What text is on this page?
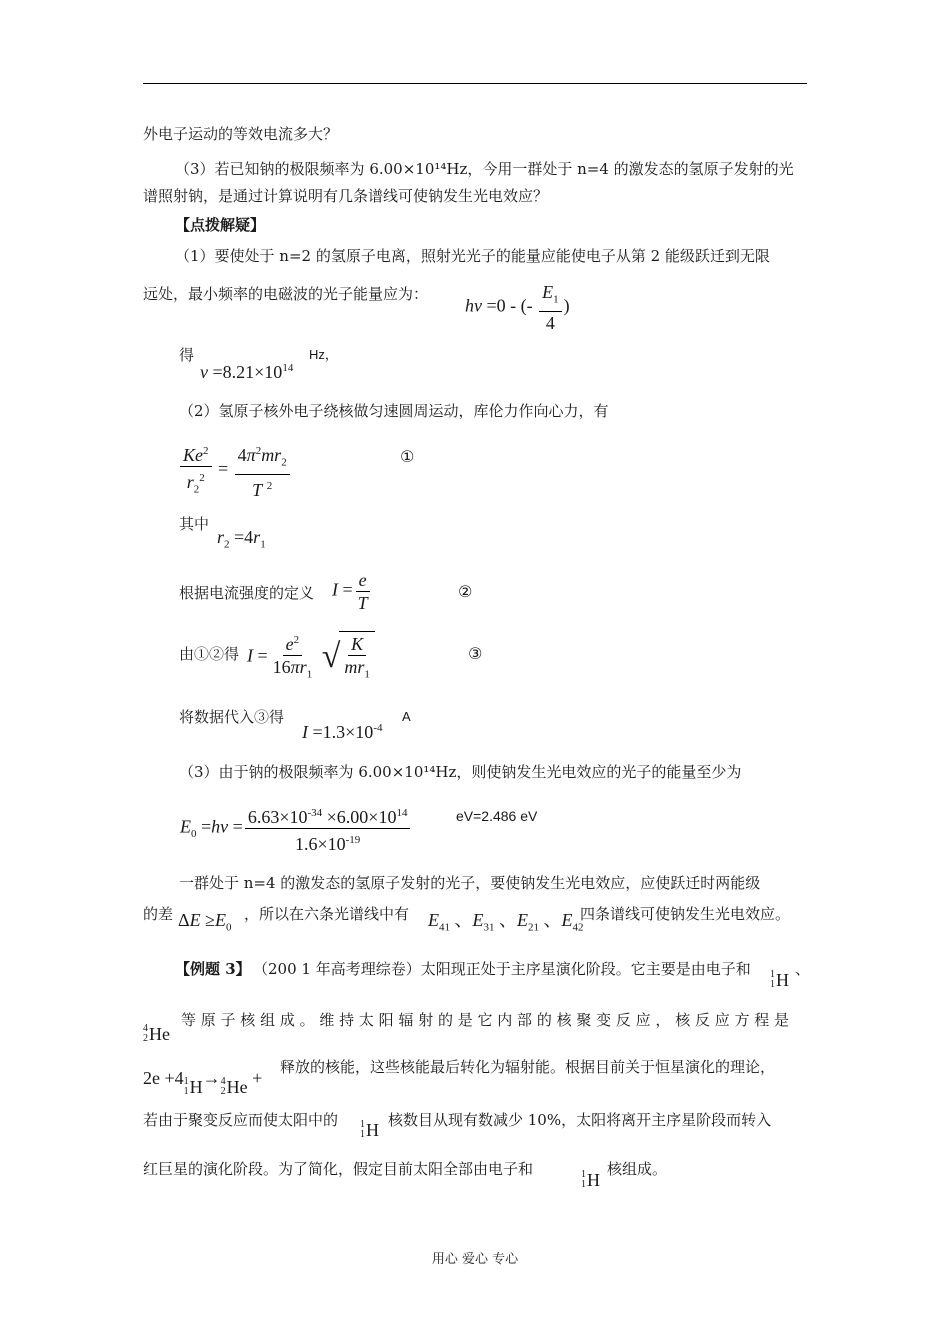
外电子运动的等效电流多大？
（3）若已知钠的极限频率为 6.00×10¹⁴Hz，今用一群处于 n=4 的激发态的氢原子发射的光
谱照射钠，是通过计算说明有几条谱线可使钠发生光电效应？
【点拨解疑】
（1）要使处于 n=2 的氢原子电离，照射光光子的能量应能使电子从第 2 能级跃迁到无限
远处，最小频率的电磁波的光子能量应为：
hν =0 - (- $\frac{E_1}{4}$ )
得
$\nu =8.21\times 10^{14}$
Hz，
（2）氢原子核外电子绕核做匀速圆周运动，库伦力作向心力，有
$\frac{Ke^2}{r_2^2} = \frac{4\pi^2mr_2}{T ^2}$	①
其中
$r_2 =4r_1$
根据电流强度的定义 $I = \frac{e}{T}$	②
由①②得 $I = \frac{e^2}{16\pi r_1}$
√ $\frac{K}{mr_1}$	③
将数据代入③得
$I =1.3\times 10^{-4}$
A
（3）由于钠的极限频率为 6.00×10¹⁴Hz，则使钠发生光电效应的光子的能量至少为
$E_0 =h\nu = \frac{6.63\times 10^{-34} \times 6.00\times 10^{14}}{1.6\times 10^{-19}}$	eV=2.486 eV
一群处于 n=4 的激发态的氢原子发射的光子，要使钠发生光电效应，应使跃迁时两能级
的差 $\Delta E \ge E_0$
，所以在六条光谱线中有 $E_{41}$ 、$E_{31}$ 、$E_{21}$ 、$E_{42}$
四条谱线可使钠发生光电效应。
【例题 3】 （200 1 年高考理综卷）太阳现正处于主序星演化阶段。它主要是由电子和 1
1 H
、
4
2 He
等 原 子 核 组 成 。 维 持 太 阳 辐 射 的 是 它 内 部 的 核 聚 变 反 应 ， 核 反 应 方 程 是
2e +4 1
1 H→ 4
2 He +
释放的核能，这些核能最后转化为辐射能。根据目前关于恒星演化的理论，
若由于聚变反应而使太阳中的 1
1 H 核数目从现有数减少 10%，太阳将离开主序星阶段而转入
红巨星的演化阶段。为了简化，假定目前太阳全部由电子和	1
1 H
核组成。
用心 爱心 专心
